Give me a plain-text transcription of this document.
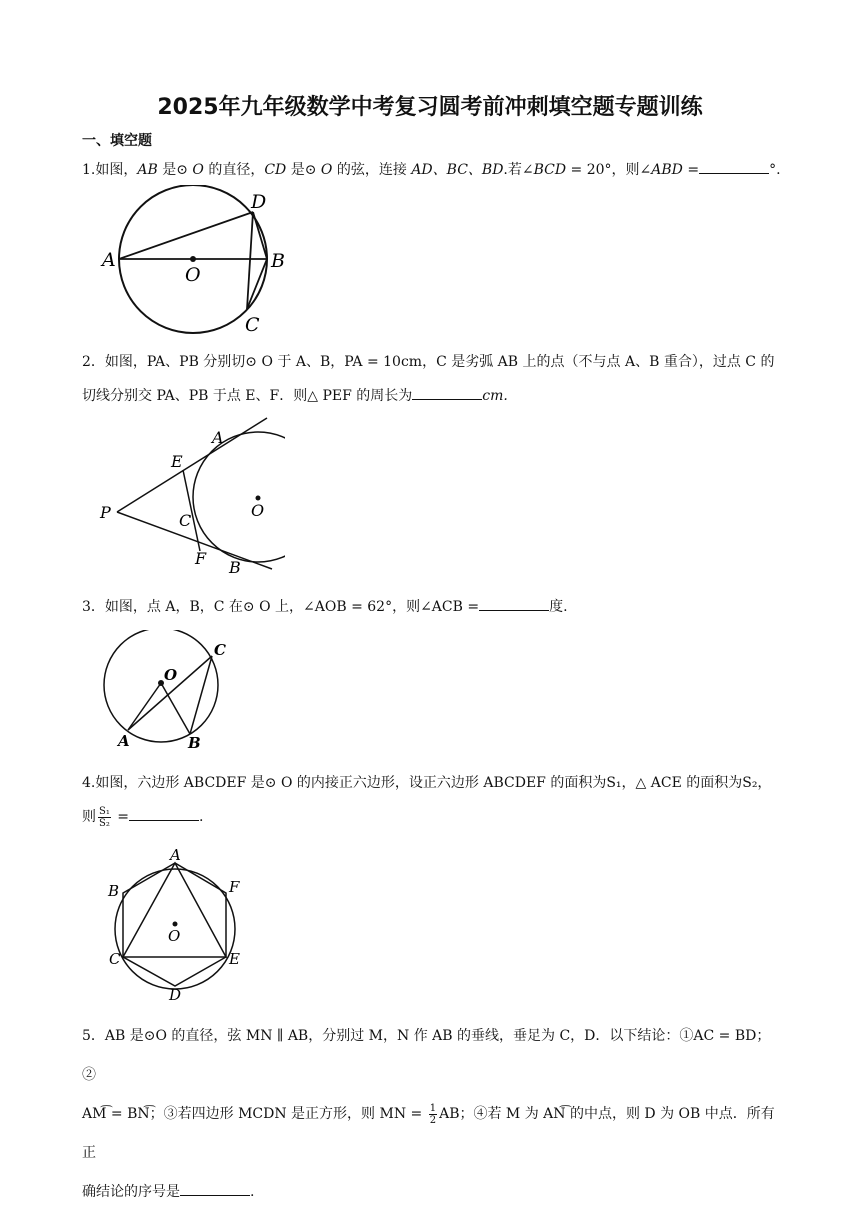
2025年九年级数学中考复习圆考前冲刺填空题专题训练
一、填空题
1.如图，AB 是⊙ O 的直径，CD 是⊙ O 的弦，连接 AD、BC、BD.若∠BCD = 20°，则∠ABD =	°.
A
O
D
B
C
2．如图，PA、PB 分别切⊙ O 于 A、B，PA = 10cm，C 是劣弧 AB 上的点（不与点 A、B 重合），过点 C 的
切线分别交 PA、PB 于点 E、F．则△ PEF 的周长为	cm.
A
E
P	C
O
F B
3．如图，点 A，B，C 在⊙ O 上，∠AOB = 62°，则∠ACB =	度.
O
C
A	B
4.如图，六边形 ABCDEF 是⊙ O 的内接正六边形，设正六边形 ABCDEF 的面积为S₁，△ ACE 的面积为S₂，
则 $\frac{\text{S₁}}{\text{S₂}}$ =	.
A
B	F
O
C	E
D
5．AB 是⊙O 的直径，弦 MN ∥ AB，分别过 M，N 作 AB 的垂线，垂足为 C，D．以下结论：①AC = BD；②
AM͡ = BN͡；③若四边形 MCDN 是正方形，则 MN = $\frac{1}{2}$ AB；④若 M 为 AN͡ 的中点，则 D 为 OB 中点．所有正
确结论的序号是	.
